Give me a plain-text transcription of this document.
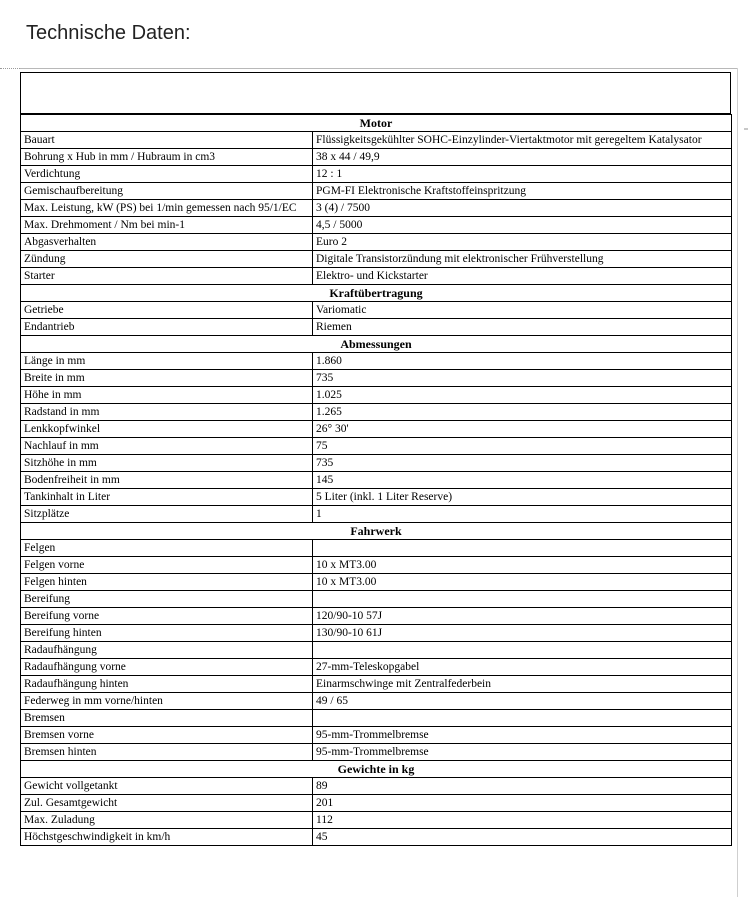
Technische Daten:
Motor	
Bauart	Flüssigkeitsgekühlter SOHC-Einzylinder-Viertaktmotor mit geregeltem Katalysator
Bohrung x Hub in mm / Hubraum in cm3	38 x 44 / 49,9
Verdichtung	12 : 1
Gemischaufbereitung	PGM-FI Elektronische Kraftstoffeinspritzung
Max. Leistung, kW (PS) bei 1/min gemessen nach 95/1/EC	3 (4) / 7500
Max. Drehmoment / Nm bei min-1	4,5 / 5000
Abgasverhalten	Euro 2
Zündung	Digitale Transistorzündung mit elektronischer Frühverstellung
Starter	Elektro- und Kickstarter
Kraftübertragung	
Getriebe	Variomatic
Endantrieb	Riemen
Abmessungen	
Länge in mm	1.860
Breite in mm	735
Höhe in mm	1.025
Radstand in mm	1.265
Lenkkopfwinkel	26° 30'
Nachlauf in mm	75
Sitzhöhe in mm	735
Bodenfreiheit in mm	145
Tankinhalt in Liter	5 Liter (inkl. 1 Liter Reserve)
Sitzplätze	1
Fahrwerk	
Felgen	
Felgen vorne	10 x MT3.00
Felgen hinten	10 x MT3.00
Bereifung	
Bereifung vorne	120/90-10 57J
Bereifung hinten	130/90-10 61J
Radaufhängung	
Radaufhängung vorne	27-mm-Teleskopgabel
Radaufhängung hinten	Einarmschwinge mit Zentralfederbein
Federweg in mm vorne/hinten	49 / 65
Bremsen	
Bremsen vorne	95-mm-Trommelbremse
Bremsen hinten	95-mm-Trommelbremse
Gewichte in kg	
Gewicht vollgetankt	89
Zul. Gesamtgewicht	201
Max. Zuladung	112
Höchstgeschwindigkeit in km/h	45
